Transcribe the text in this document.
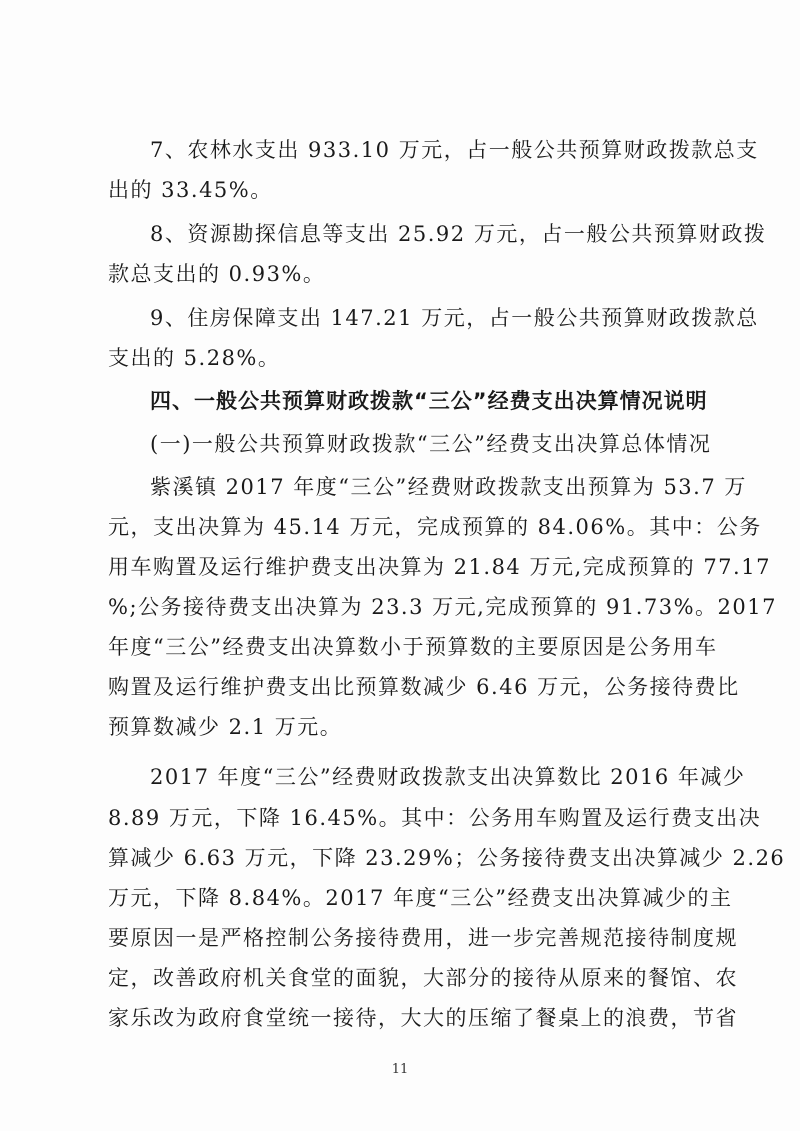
7、农林水支出 933.10 万元，占一般公共预算财政拨款总支
出的 33.45%。
8、资源勘探信息等支出 25.92 万元，占一般公共预算财政拨
款总支出的 0.93%。
9、住房保障支出 147.21 万元，占一般公共预算财政拨款总
支出的 5.28%。
四、一般公共预算财政拨款“三公”经费支出决算情况说明
(一)一般公共预算财政拨款“三公”经费支出决算总体情况
紫溪镇 2017 年度“三公”经费财政拨款支出预算为 53.7 万
元，支出决算为 45.14 万元，完成预算的 84.06%。其中：公务
用车购置及运行维护费支出决算为 21.84 万元,完成预算的 77.17
%;公务接待费支出决算为 23.3 万元,完成预算的 91.73%。2017
年度“三公”经费支出决算数小于预算数的主要原因是公务用车
购置及运行维护费支出比预算数减少 6.46 万元，公务接待费比
预算数减少 2.1 万元。
2017 年度“三公”经费财政拨款支出决算数比 2016 年减少
8.89 万元，下降 16.45%。其中：公务用车购置及运行费支出决
算减少 6.63 万元，下降 23.29%；公务接待费支出决算减少 2.26
万元，下降 8.84%。2017 年度“三公”经费支出决算减少的主
要原因一是严格控制公务接待费用，进一步完善规范接待制度规
定，改善政府机关食堂的面貌，大部分的接待从原来的餐馆、农
家乐改为政府食堂统一接待，大大的压缩了餐桌上的浪费，节省
11
